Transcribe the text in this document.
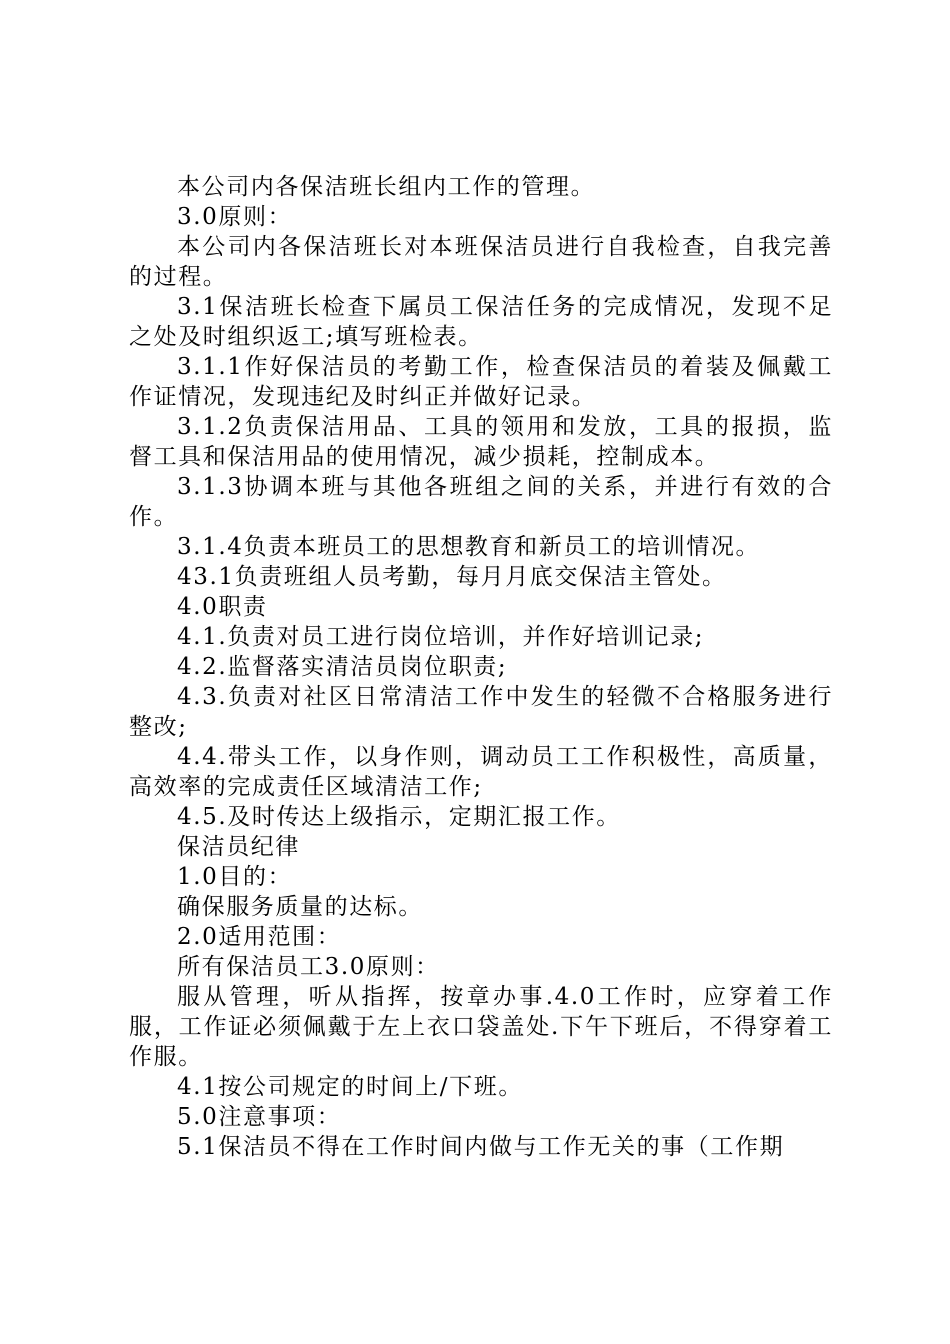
本公司内各保洁班长组内工作的管理。

3.0原则：

本公司内各保洁班长对本班保洁员进行自我检查，自我完善的过程。

3.1保洁班长检查下属员工保洁任务的完成情况，发现不足之处及时组织返工;填写班检表。

3.1.1作好保洁员的考勤工作，检查保洁员的着装及佩戴工作证情况，发现违纪及时纠正并做好记录。

3.1.2负责保洁用品、工具的领用和发放，工具的报损，监督工具和保洁用品的使用情况，减少损耗，控制成本。

3.1.3协调本班与其他各班组之间的关系，并进行有效的合作。

3.1.4负责本班员工的思想教育和新员工的培训情况。

43.1负责班组人员考勤，每月月底交保洁主管处。

4.0职责

4.1.负责对员工进行岗位培训，并作好培训记录;

4.2.监督落实清洁员岗位职责;

4.3.负责对社区日常清洁工作中发生的轻微不合格服务进行整改;

4.4.带头工作，以身作则，调动员工工作积极性，高质量，高效率的完成责任区域清洁工作;

4.5.及时传达上级指示，定期汇报工作。

保洁员纪律

1.0目的：

确保服务质量的达标。

2.0适用范围：

所有保洁员工3.0原则：

服从管理，听从指挥，按章办事.4.0工作时，应穿着工作服，工作证必须佩戴于左上衣口袋盖处.下午下班后，不得穿着工作服。

4.1按公司规定的时间上/下班。

5.0注意事项：

5.1保洁员不得在工作时间内做与工作无关的事（工作期
